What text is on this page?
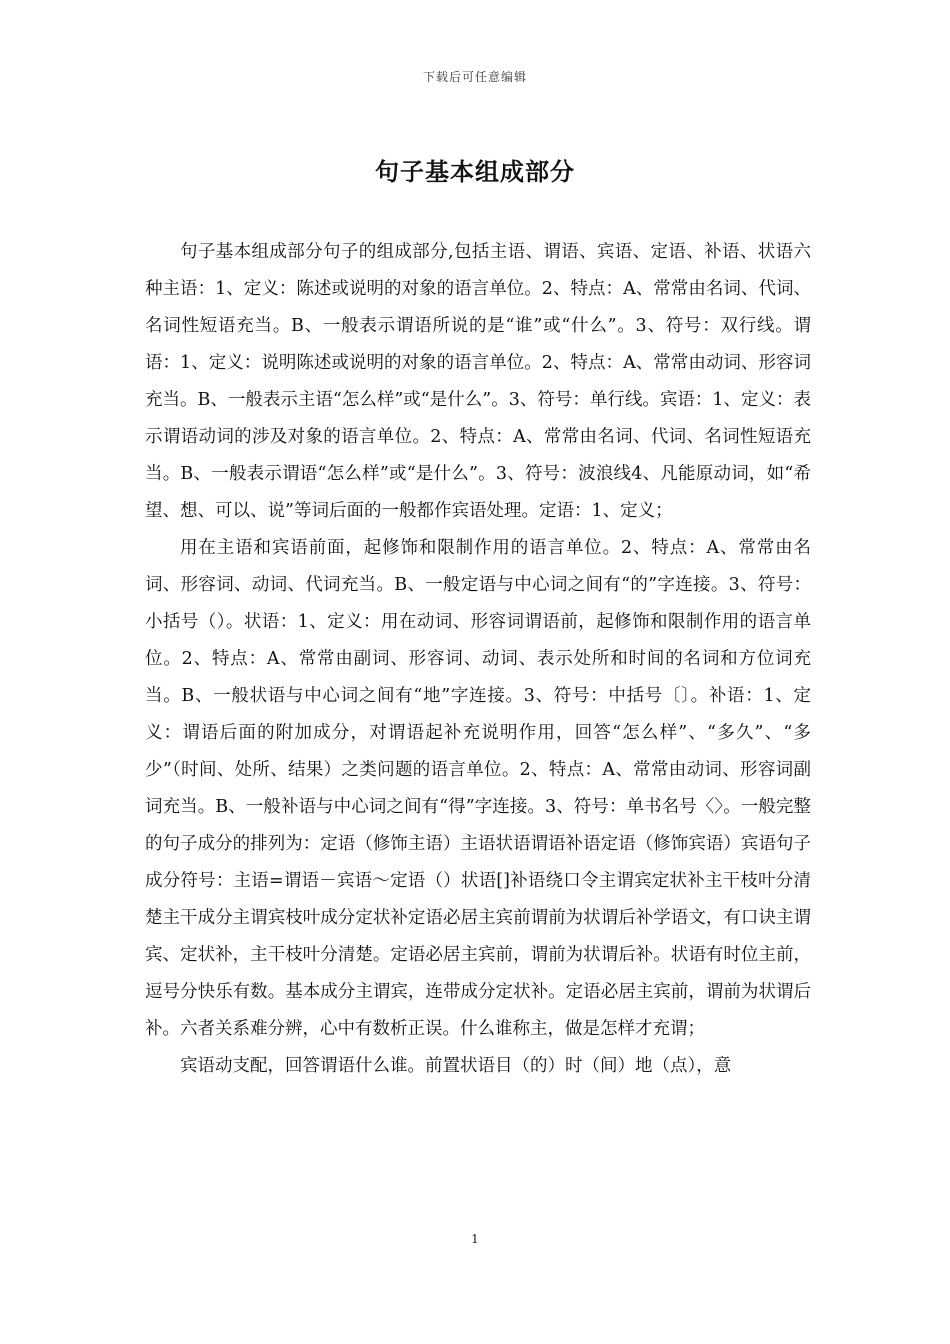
下载后可任意编辑
句子基本组成部分

句子基本组成部分句子的组成部分,包括主语、谓语、宾语、定语、补语、状语六种主语：1、定义：陈述或说明的对象的语言单位。2、特点：A、常常由名词、代词、名词性短语充当。B、一般表示谓语所说的是“谁”或“什么”。3、符号：双行线。谓语：1、定义：说明陈述或说明的对象的语言单位。2、特点：A、常常由动词、形容词充当。B、一般表示主语“怎么样”或“是什么”。3、符号：单行线。宾语：1、定义：表示谓语动词的涉及对象的语言单位。2、特点：A、常常由名词、代词、名词性短语充当。B、一般表示谓语“怎么样”或“是什么”。3、符号：波浪线4、凡能原动词，如“希望、想、可以、说”等词后面的一般都作宾语处理。定语：1、定义；

用在主语和宾语前面，起修饰和限制作用的语言单位。2、特点：A、常常由名词、形容词、动词、代词充当。B、一般定语与中心词之间有“的”字连接。3、符号：小括号（）。状语：1、定义：用在动词、形容词谓语前，起修饰和限制作用的语言单位。2、特点：A、常常由副词、形容词、动词、表示处所和时间的名词和方位词充当。B、一般状语与中心词之间有“地”字连接。3、符号：中括号〔〕。补语：1、定义：谓语后面的附加成分，对谓语起补充说明作用，回答“怎么样”、“多久”、“多少”（时间、处所、结果）之类问题的语言单位。2、特点：A、常常由动词、形容词副词充当。B、一般补语与中心词之间有“得”字连接。3、符号：单书名号〈〉。一般完整的句子成分的排列为：定语（修饰主语）主语状语谓语补语定语（修饰宾语）宾语句子成分符号：主语=谓语－宾语～定语（）状语[]补语绕口令主谓宾定状补主干枝叶分清楚主干成分主谓宾枝叶成分定状补定语必居主宾前谓前为状谓后补学语文，有口诀主谓宾、定状补，主干枝叶分清楚。定语必居主宾前，谓前为状谓后补。状语有时位主前，逗号分快乐有数。基本成分主谓宾，连带成分定状补。定语必居主宾前，谓前为状谓后补。六者关系难分辨，心中有数析正误。什么谁称主，做是怎样才充谓；

宾语动支配，回答谓语什么谁。前置状语目（的）时（间）地（点），意

1
